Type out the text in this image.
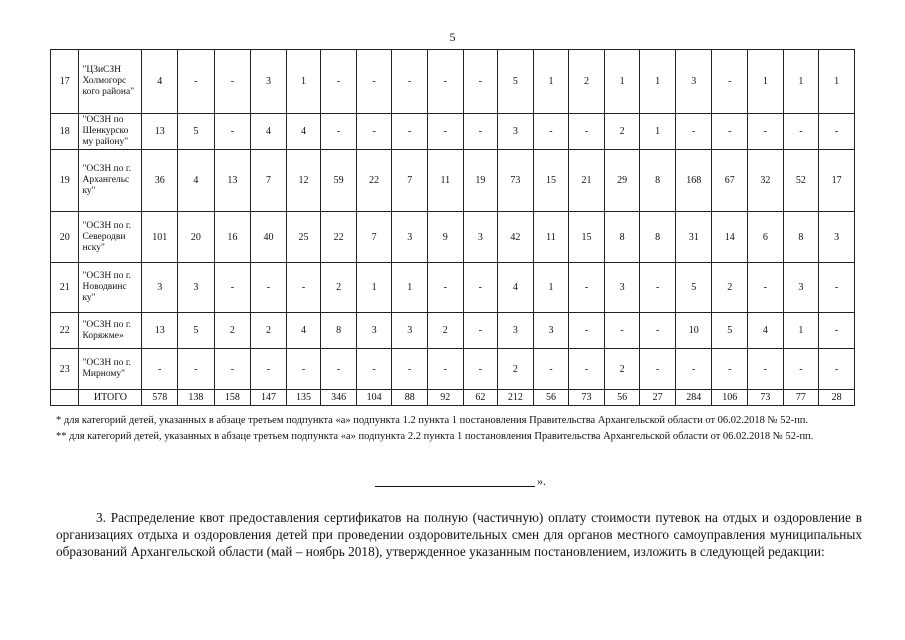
5
17	"ЦЗиСЗН Холмогорс кого района"	4	-	-	3	1	-	-	-	-	-	5	1	2	1	1	3	-	1	1	1
18	"ОСЗН по Шенкурско му району"	13	5	-	4	4	-	-	-	-	-	3	-	-	2	1	-	-	-	-	-
19	"ОСЗН по г. Архангельс ку"	36	4	13	7	12	59	22	7	11	19	73	15	21	29	8	168	67	32	52	17
20	"ОСЗН по г. Северодви нску"	101	20	16	40	25	22	7	3	9	3	42	11	15	8	8	31	14	6	8	3
21	"ОСЗН по г. Новодвинс ку"	3	3	-	-	-	2	1	1	-	-	4	1	-	3	-	5	2	-	3	-
22	"ОСЗН по г. Коряжме»	13	5	2	2	4	8	3	3	2	-	3	3	-	-	-	10	5	4	1	-
23	"ОСЗН по г. Мирному"	-	-	-	-	-	-	-	-	-	-	2	-	-	2	-	-	-	-	-	-
	ИТОГО	578	138	158	147	135	346	104	88	92	62	212	56	73	56	27	284	106	73	77	28

* для категорий детей, указанных в абзаце третьем подпункта «а» подпункта 1.2 пункта 1 постановления Правительства Архангельской области от 06.02.2018 № 52-пп.

** для категорий детей, указанных в абзаце третьем подпункта «а» подпункта 2.2 пункта 1 постановления Правительства Архангельской области от 06.02.2018 № 52-пп.

».

3. Распределение квот предоставления сертификатов на полную (частичную) оплату стоимости путевок на отдых и оздоровление в организациях отдыха и оздоровления детей при проведении оздоровительных смен для органов местного самоуправления муниципальных образований Архангельской области (май – ноябрь 2018), утвержденное указанным постановлением, изложить в следующей редакции:
